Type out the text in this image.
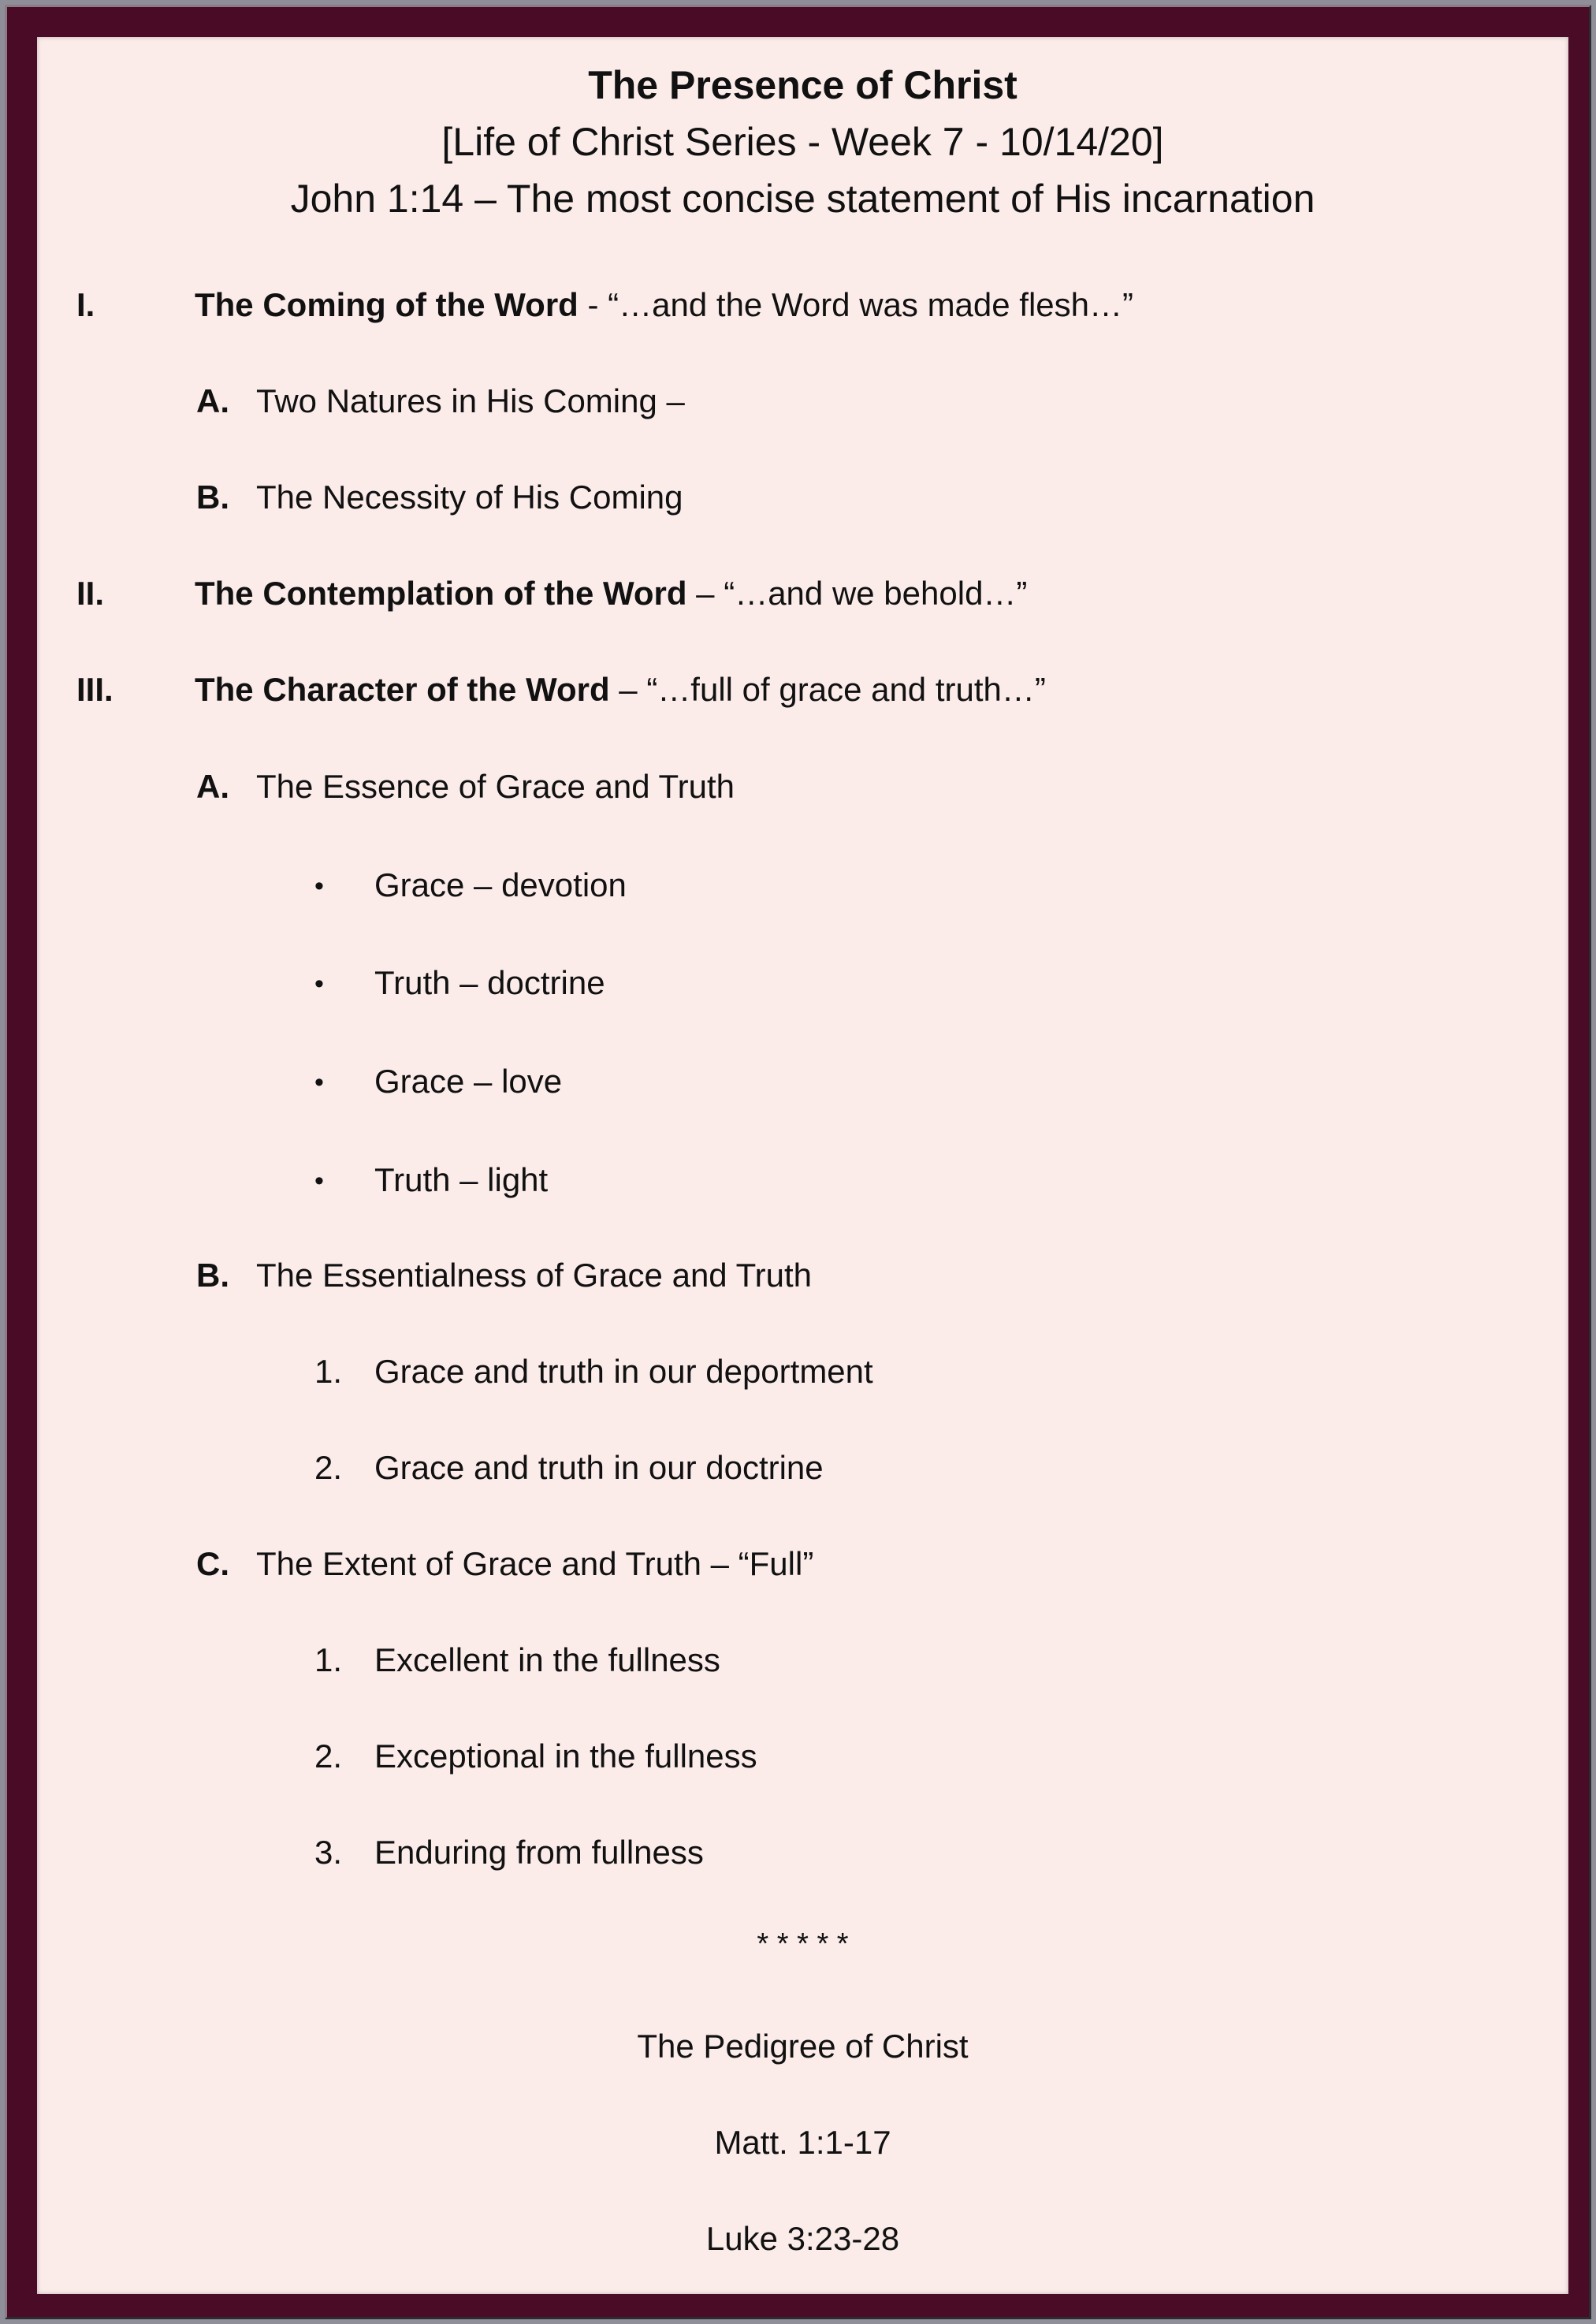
The Presence of Christ
[Life of Christ Series - Week 7 - 10/14/20]
John 1:14 – The most concise statement of His incarnation
I.	The Coming of the Word - “…and the Word was made flesh…”
A. Two Natures in His Coming –
B. The Necessity of His Coming
II.	The Contemplation of the Word – “…and we behold…”
III. The Character of the Word – “…full of grace and truth…”
A. The Essence of Grace and Truth
• Grace – devotion
• Truth – doctrine
• Grace – love
• Truth – light
B. The Essentialness of Grace and Truth
1. Grace and truth in our deportment
2. Grace and truth in our doctrine
C. The Extent of Grace and Truth – “Full”
1. Excellent in the fullness
2. Exceptional in the fullness
3. Enduring from fullness
* * * * *
The Pedigree of Christ
Matt. 1:1-17
Luke 3:23-28
